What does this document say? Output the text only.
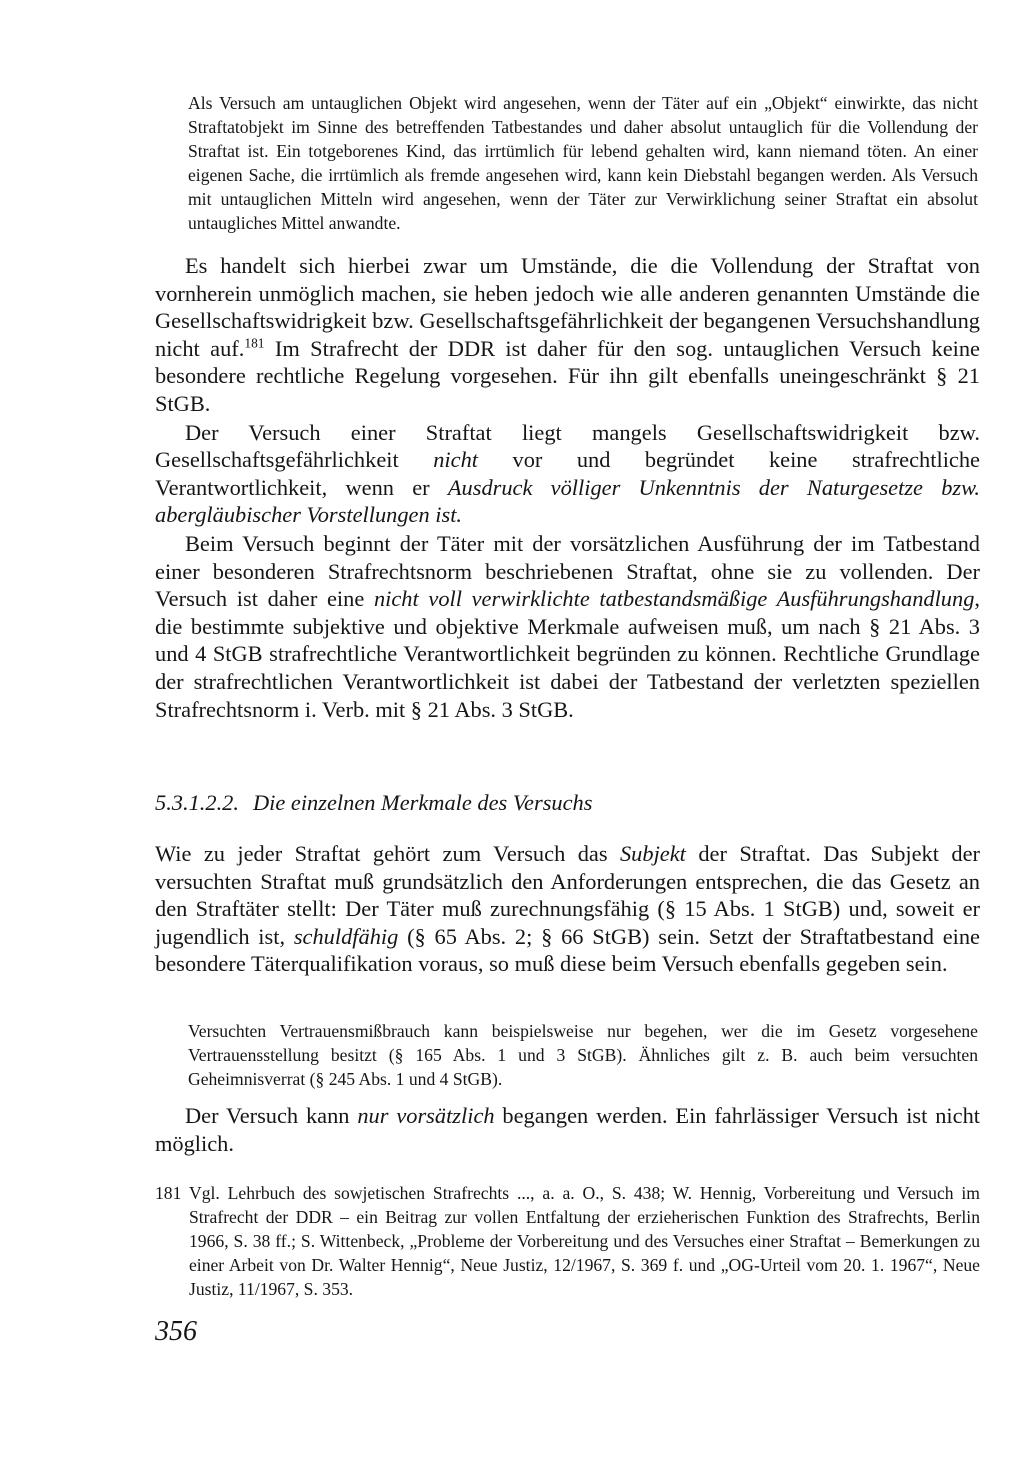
Als Versuch am untauglichen Objekt wird angesehen, wenn der Täter auf ein „Objekt“ einwirkte, das nicht Straftatobjekt im Sinne des betreffenden Tatbestandes und daher absolut untauglich für die Vollendung der Straftat ist. Ein totgeborenes Kind, das irrtümlich für lebend gehalten wird, kann niemand töten. An einer eigenen Sache, die irrtümlich als fremde angesehen wird, kann kein Diebstahl begangen werden. Als Versuch mit untauglichen Mitteln wird angesehen, wenn der Täter zur Verwirklichung seiner Straftat ein absolut untaugliches Mittel anwandte.

Es handelt sich hierbei zwar um Umstände, die die Vollendung der Straftat von vornherein unmöglich machen, sie heben jedoch wie alle anderen genannten Umstände die Gesellschaftswidrigkeit bzw. Gesellschaftsgefährlichkeit der begangenen Versuchshandlung nicht auf.$^{181}$ Im Strafrecht der DDR ist daher für den sog. untauglichen Versuch keine besondere rechtliche Regelung vorgesehen. Für ihn gilt ebenfalls uneingeschränkt § 21 StGB.

Der Versuch einer Straftat liegt mangels Gesellschaftswidrigkeit bzw. Gesellschaftsgefährlichkeit nicht vor und begründet keine strafrechtliche Verantwortlichkeit, wenn er Ausdruck völliger Unkenntnis der Naturgesetze bzw. abergläubischer Vorstellungen ist.

Beim Versuch beginnt der Täter mit der vorsätzlichen Ausführung der im Tatbestand einer besonderen Strafrechtsnorm beschriebenen Straftat, ohne sie zu vollenden. Der Versuch ist daher eine nicht voll verwirklichte tatbestandsmäßige Ausführungshandlung, die bestimmte subjektive und objektive Merkmale aufweisen muß, um nach § 21 Abs. 3 und 4 StGB strafrechtliche Verantwortlichkeit begründen zu können. Rechtliche Grundlage der strafrechtlichen Verantwortlichkeit ist dabei der Tatbestand der verletzten speziellen Strafrechtsnorm i. Verb. mit § 21 Abs. 3 StGB.

5.3.1.2.2. Die einzelnen Merkmale des Versuchs

Wie zu jeder Straftat gehört zum Versuch das Subjekt der Straftat. Das Subjekt der versuchten Straftat muß grundsätzlich den Anforderungen entsprechen, die das Gesetz an den Straftäter stellt: Der Täter muß zurechnungsfähig (§ 15 Abs. 1 StGB) und, soweit er jugendlich ist, schuldfähig (§ 65 Abs. 2; § 66 StGB) sein. Setzt der Straftatbestand eine besondere Täterqualifikation voraus, so muß diese beim Versuch ebenfalls gegeben sein.

Versuchten Vertrauensmißbrauch kann beispielsweise nur begehen, wer die im Gesetz vorgesehene Vertrauensstellung besitzt (§ 165 Abs. 1 und 3 StGB). Ähnliches gilt z. B. auch beim versuchten Geheimnisverrat (§ 245 Abs. 1 und 4 StGB).

Der Versuch kann nur vorsätzlich begangen werden. Ein fahrlässiger Versuch ist nicht möglich.

181 Vgl. Lehrbuch des sowjetischen Strafrechts ..., a. a. O., S. 438; W. Hennig, Vorbereitung und Versuch im Strafrecht der DDR – ein Beitrag zur vollen Entfaltung der erzieherischen Funktion des Strafrechts, Berlin 1966, S. 38 ff.; S. Wittenbeck, „Probleme der Vorbereitung und des Versuches einer Straftat – Bemerkungen zu einer Arbeit von Dr. Walter Hennig“, Neue Justiz, 12/1967, S. 369 f. und „OG-Urteil vom 20. 1. 1967“, Neue Justiz, 11/1967, S. 353.
356
